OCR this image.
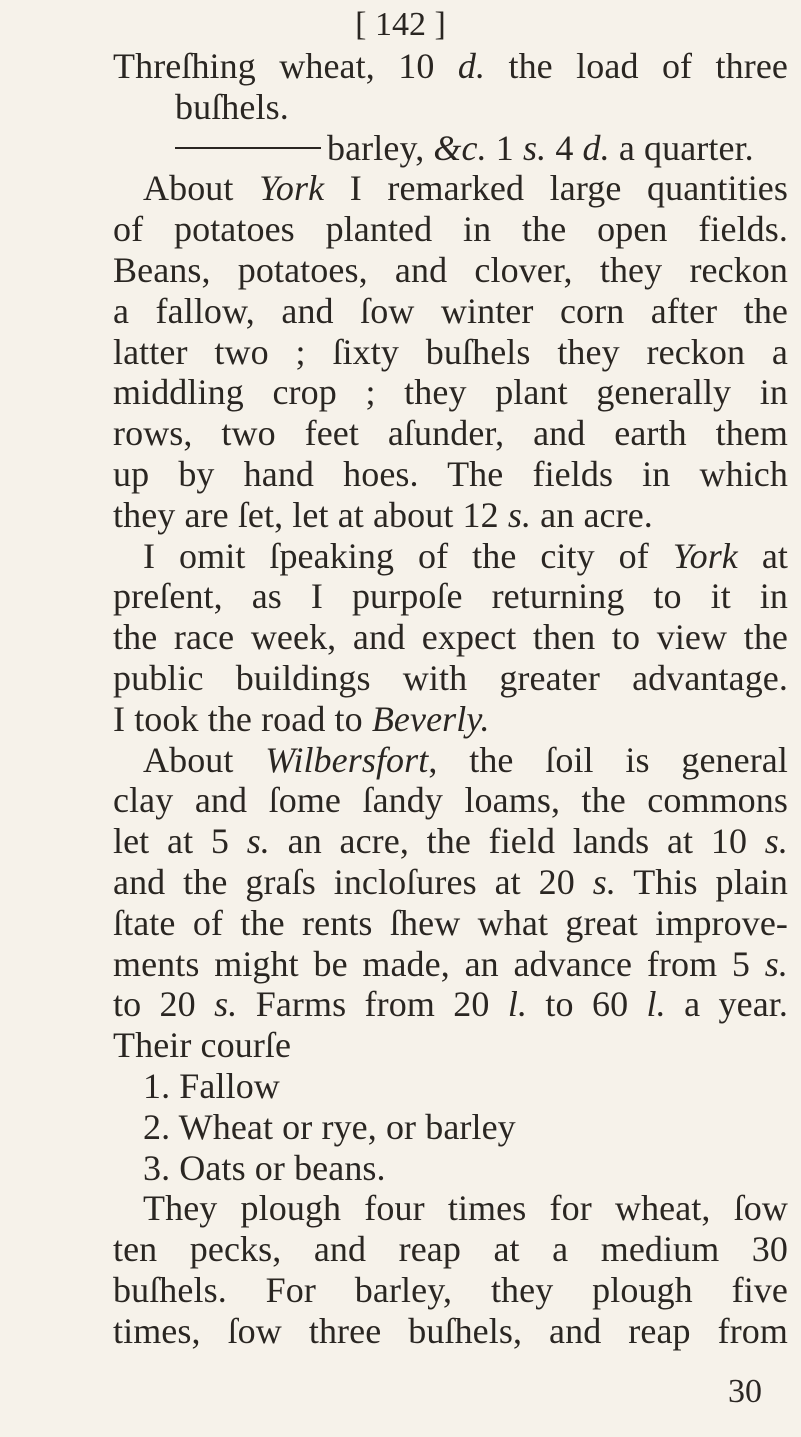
[ 142 ]
Threſhing wheat, 10 d. the load of three
buſhels.
barley, &c. 1 s. 4 d. a quarter.
About York I remarked large quantities
of potatoes planted in the open fields.
Beans, potatoes, and clover, they reckon
a fallow, and ſow winter corn after the
latter two ; ſixty buſhels they reckon a
middling crop ; they plant generally in
rows, two feet aſunder, and earth them
up by hand hoes. The fields in which
they are ſet, let at about 12 s. an acre.
I omit ſpeaking of the city of York at
preſent, as I purpoſe returning to it in
the race week, and expect then to view the
public buildings with greater advantage.
I took the road to Beverly.
About Wilbersfort, the ſoil is general
clay and ſome ſandy loams, the commons
let at 5 s. an acre, the field lands at 10 s.
and the graſs incloſures at 20 s. This plain
ſtate of the rents ſhew what great improve-
ments might be made, an advance from 5 s.
to 20 s. Farms from 20 l. to 60 l. a year.
Their courſe
1. Fallow
2. Wheat or rye, or barley
3. Oats or beans.
They plough four times for wheat, ſow
ten pecks, and reap at a medium 30
buſhels. For barley, they plough five
times, ſow three buſhels, and reap from
30
